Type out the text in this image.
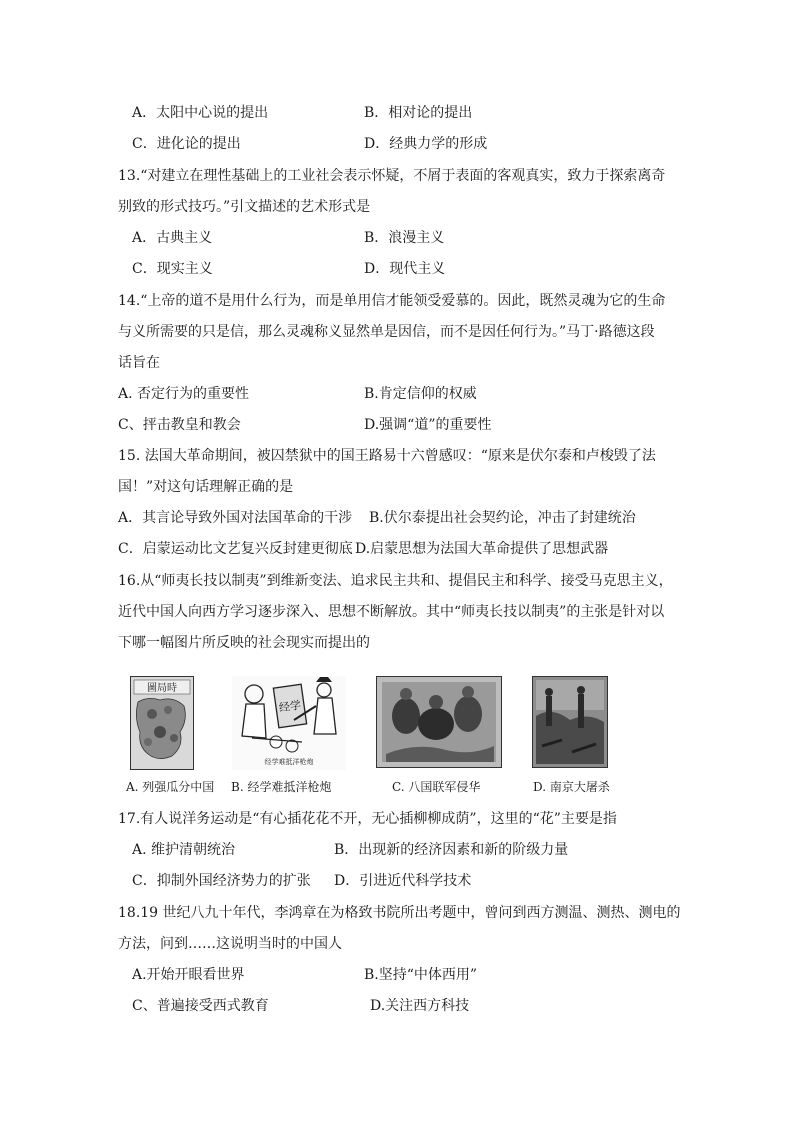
A．太阳中心说的提出	B．相对论的提出
C．进化论的提出	D．经典力学的形成
13.“对建立在理性基础上的工业社会表示怀疑，不屑于表面的客观真实，致力于探索离奇
别致的形式技巧。”引文描述的艺术形式是
A．古典主义	B．浪漫主义
C．现实主义	D．现代主义
14.“上帝的道不是用什么行为，而是单用信才能领受爱慕的。因此，既然灵魂为它的生命
与义所需要的只是信，那么灵魂称义显然单是因信，而不是因任何行为。”马丁·路德这段
话旨在
A. 否定行为的重要性	B.肯定信仰的权威
C、抨击教皇和教会	D.强调“道”的重要性
15. 法国大革命期间，被囚禁狱中的国王路易十六曾感叹：“原来是伏尔泰和卢梭毁了法
国！”对这句话理解正确的是
A．其言论导致外国对法国革命的干涉 B.伏尔泰提出社会契约论，冲击了封建统治
C．启蒙运动比文艺复兴反封建更彻底 D.启蒙思想为法国大革命提供了思想武器
16.从“师夷长技以制夷”到维新变法、追求民主共和、提倡民主和科学、接受马克思主义，
近代中国人向西方学习逐步深入、思想不断解放。其中“师夷长技以制夷”的主张是针对以
下哪一幅图片所反映的社会现实而提出的
圖局時
经学
经学难抵洋枪炮
A. 列强瓜分中国 B. 经学难抵洋枪炮	C. 八国联军侵华	D. 南京大屠杀
17.有人说洋务运动是“有心插花花不开，无心插柳柳成荫”，这里的“花”主要是指
A. 维护清朝统治	B．出现新的经济因素和新的阶级力量
C．抑制外国经济势力的扩张 D．引进近代科学技术
18.19 世纪八九十年代，李鸿章在为格致书院所出考题中，曾问到西方测温、测热、测电的
方法，问到……这说明当时的中国人
A.开始开眼看世界	B.坚持“中体西用”
C、普遍接受西式教育	D.关注西方科技
